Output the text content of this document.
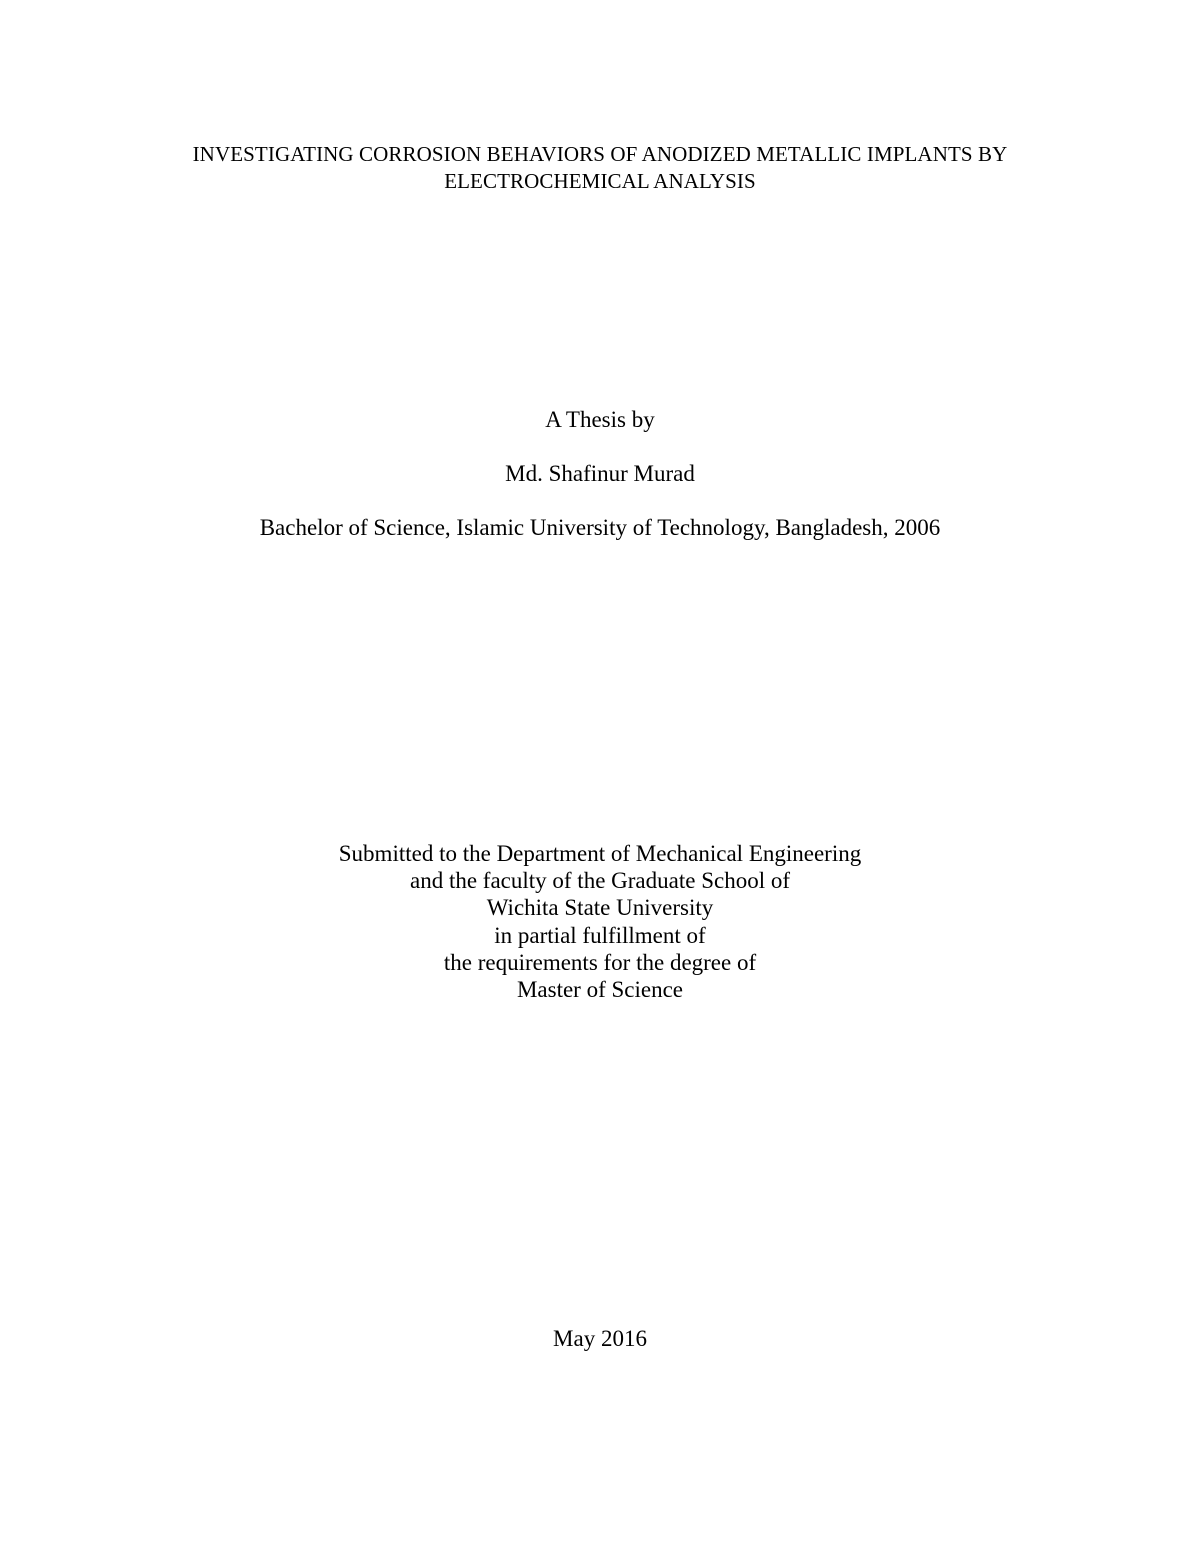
INVESTIGATING CORROSION BEHAVIORS OF ANODIZED METALLIC IMPLANTS BY
ELECTROCHEMICAL ANALYSIS
A Thesis by
Md. Shafinur Murad
Bachelor of Science, Islamic University of Technology, Bangladesh, 2006
Submitted to the Department of Mechanical Engineering
and the faculty of the Graduate School of
Wichita State University
in partial fulfillment of
the requirements for the degree of
Master of Science
May 2016
